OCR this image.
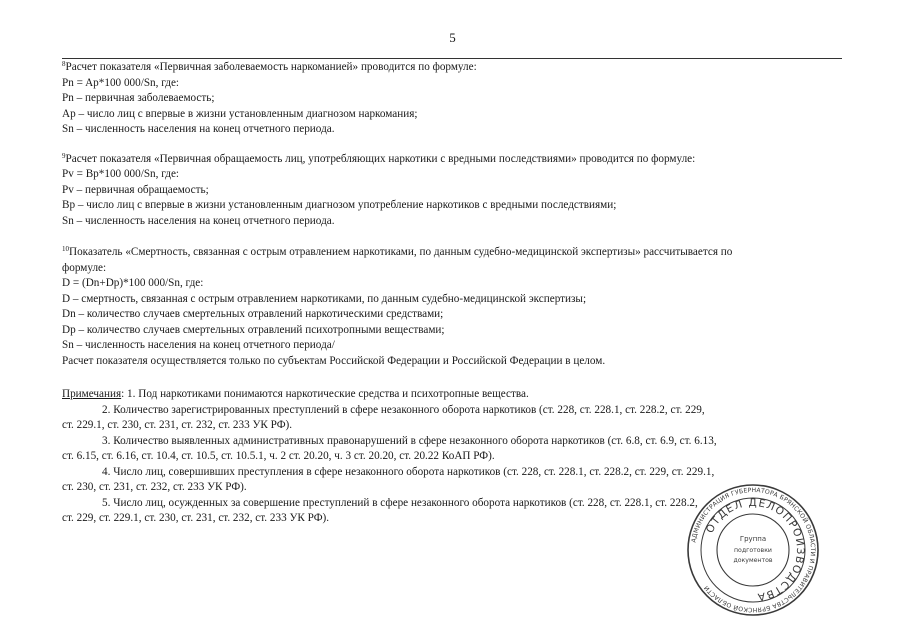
5
$^8$Расчет показателя «Первичная заболеваемость наркоманией» проводится по формуле:
Pn = Ap*100 000/Sn, где:
Pn – первичная заболеваемость;
Ap – число лиц с впервые в жизни установленным диагнозом наркомания;
Sn – численность населения на конец отчетного периода.
$^9$Расчет показателя «Первичная обращаемость лиц, употребляющих наркотики с вредными последствиями» проводится по формуле:
Pv = Bp*100 000/Sn, где:
Pv – первичная обращаемость;
Bp – число лиц с впервые в жизни установленным диагнозом употребление наркотиков с вредными последствиями;
Sn – численность населения на конец отчетного периода.
$^{10}$Показатель «Смертность, связанная с острым отравлением наркотиками, по данным судебно-медицинской экспертизы» рассчитывается по
формуле:
D = (Dn+Dp)*100 000/Sn, где:
D – смертность, связанная с острым отравлением наркотиками, по данным судебно-медицинской экспертизы;
Dn – количество случаев смертельных отравлений наркотическими средствами;
Dp – количество случаев смертельных отравлений психотропными веществами;
Sn – численность населения на конец отчетного периода/
Расчет показателя осуществляется только по субъектам Российской Федерации и Российской Федерации в целом.
Примечания: 1. Под наркотиками понимаются наркотические средства и психотропные вещества.
2. Количество зарегистрированных преступлений в сфере незаконного оборота наркотиков (ст. 228, ст. 228.1, ст. 228.2, ст. 229,
ст. 229.1, ст. 230, ст. 231, ст. 232, ст. 233 УК РФ).
3. Количество выявленных административных правонарушений в сфере незаконного оборота наркотиков (ст. 6.8, ст. 6.9, ст. 6.13,
ст. 6.15, ст. 6.16, ст. 10.4, ст. 10.5, ст. 10.5.1, ч. 2 ст. 20.20, ч. 3 ст. 20.20, ст. 20.22 КоАП РФ).
4. Число лиц, совершивших преступления в сфере незаконного оборота наркотиков (ст. 228, ст. 228.1, ст. 228.2, ст. 229, ст. 229.1,
ст. 230, ст. 231, ст. 232, ст. 233 УК РФ).
5. Число лиц, осужденных за совершение преступлений в сфере незаконного оборота наркотиков (ст. 228, ст. 228.1, ст. 228.2,
ст. 229, ст. 229.1, ст. 230, ст. 231, ст. 232, ст. 233 УК РФ).
АДМИНИСТРАЦИЯ ГУБЕРНАТОРА БРЯНСКОЙ ОБЛАСТИ И ПРАВИТЕЛЬСТВА БРЯНСКОЙ ОБЛАСТИ
ОТДЕЛ ДЕЛОПРОИЗВОДСТВА
Группа
подготовки
документов
